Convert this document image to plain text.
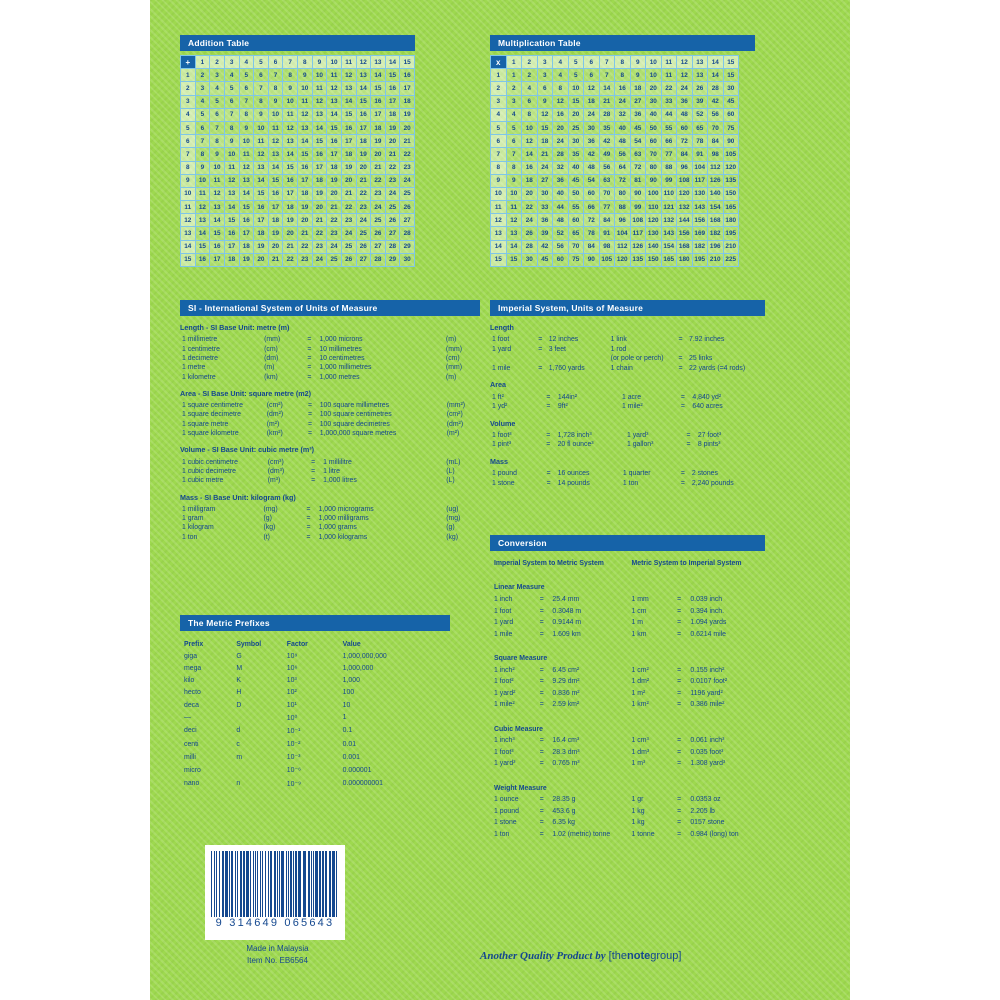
Addition Table
+	1	2	3	4	5	6	7	8	9	10	11	12	13	14	15
1	2	3	4	5	6	7	8	9	10	11	12	13	14	15	16
2	3	4	5	6	7	8	9	10	11	12	13	14	15	16	17
3	4	5	6	7	8	9	10	11	12	13	14	15	16	17	18
4	5	6	7	8	9	10	11	12	13	14	15	16	17	18	19
5	6	7	8	9	10	11	12	13	14	15	16	17	18	19	20
6	7	8	9	10	11	12	13	14	15	16	17	18	19	20	21
7	8	9	10	11	12	13	14	15	16	17	18	19	20	21	22
8	9	10	11	12	13	14	15	16	17	18	19	20	21	22	23
9	10	11	12	13	14	15	16	17	18	19	20	21	22	23	24
10	11	12	13	14	15	16	17	18	19	20	21	22	23	24	25
11	12	13	14	15	16	17	18	19	20	21	22	23	24	25	26
12	13	14	15	16	17	18	19	20	21	22	23	24	25	26	27
13	14	15	16	17	18	19	20	21	22	23	24	25	26	27	28
14	15	16	17	18	19	20	21	22	23	24	25	26	27	28	29
15	16	17	18	19	20	21	22	23	24	25	26	27	28	29	30
Multiplication Table
x	1	2	3	4	5	6	7	8	9	10	11	12	13	14	15
1	1	2	3	4	5	6	7	8	9	10	11	12	13	14	15
2	2	4	6	8	10	12	14	16	18	20	22	24	26	28	30
3	3	6	9	12	15	18	21	24	27	30	33	36	39	42	45
4	4	8	12	16	20	24	28	32	36	40	44	48	52	56	60
5	5	10	15	20	25	30	35	40	45	50	55	60	65	70	75
6	6	12	18	24	30	36	42	48	54	60	66	72	78	84	90
7	7	14	21	28	35	42	49	56	63	70	77	84	91	98	105
8	8	16	24	32	40	48	56	64	72	80	88	96	104	112	120
9	9	18	27	36	45	54	63	72	81	90	99	108	117	126	135
10	10	20	30	40	50	60	70	80	90	100	110	120	130	140	150
11	11	22	33	44	55	66	77	88	99	110	121	132	143	154	165
12	12	24	36	48	60	72	84	96	108	120	132	144	156	168	180
13	13	26	39	52	65	78	91	104	117	130	143	156	169	182	195
14	14	28	42	56	70	84	98	112	126	140	154	168	182	196	210
15	15	30	45	60	75	90	105	120	135	150	165	180	195	210	225
SI - International System of Units of Measure
Length - SI Base Unit: metre (m)
1 millimetre	(mm)	=	1,000 microns	(m)
1 centimetre	(cm)	=	10 millimetres	(mm)
1 decimetre	(dm)	=	10 centimetres	(cm)
1 metre	(m)	=	1,000 millimetres	(mm)
1 kilometre	(km)	=	1,000 metres	(m)
Area - SI Base Unit: square metre (m2)
1 square centimetre	(cm²)	=	100 square millimetres	(mm²)
1 square decimetre	(dm²)	=	100 square centimetres	(cm²)
1 square metre	(m²)	=	100 square decimetres	(dm²)
1 square kilometre	(km²)	=	1,000,000 square metres	(m²)
Volume - SI Base Unit: cubic metre (m³)
1 cubic centimetre	(cm³)	=	1 millilitre	(mL)
1 cubic decimetre	(dm³)	=	1 litre	(L)
1 cubic metre	(m³)	=	1,000 litres	(L)
Mass - SI Base Unit: kilogram (kg)
1 milligram	(mg)	=	1,000 micrograms	(ug)
1 gram	(g)	=	1,000 milligrams	(mg)
1 kilogram	(kg)	=	1,000 grams	(g)
1 ton	(t)	=	1,000 kilograms	(kg)
The Metric Prefixes
Prefix	Symbol	Factor	Value
giga	G	10⁹	1,000,000,000
mega	M	10⁶	1,000,000
kilo	K	10³	1,000
hecto	H	10²	100
deca	D	10¹	10
—		10⁰	1
deci	d	10⁻¹	0.1
centi	c	10⁻²	0.01
milli	m	10⁻³	0.001
micro		10⁻⁶	0.000001
nano	n	10⁻⁹	0.000000001
Imperial System, Units of Measure
Length
1 foot	=	12 inches	1 link	=	7.92 inches
1 yard	=	3 feet	1 rod		
			(or pole or perch)	=	25 links
1 mile	=	1,760 yards	1 chain	=	22 yards (=4 rods)
Area
1 ft²	=	144in²	1 acre	=	4,840 yd²
1 yd²	=	9ft²	1 mile²	=	640 acres
Volume
1 foot³	=	1,728 inch³	1 yard³	=	27 foot³
1 pint³	=	20 fl ounce³	1 gallon³	=	8 pints³
Mass
1 pound	=	16 ounces	1 quarter	=	2 stones
1 stone	=	14 pounds	1 ton	=	2,240 pounds
Conversion
Imperial System to Metric System			Metric System to Imperial System		

Linear Measure					
1 inch	=	25.4 mm	1 mm	=	0.039 inch
1 foot	=	0.3048 m	1 cm	=	0.394 inch.
1 yard	=	0.9144 m	1 m	=	1.094 yards
1 mile	=	1.609 km	1 km	=	0.6214 mile

Square Measure					
1 inch²	=	6.45 cm²	1 cm²	=	0.155 inch²
1 foot²	=	9.29 dm²	1 dm²	=	0.0107 foot²
1 yard²	=	0.836 m²	1 m²	=	1196 yard²
1 mile²	=	2.59 km²	1 km²	=	0.386 mile²

Cubic Measure					
1 inch³	=	16.4 cm³	1 cm³	=	0.061 inch³
1 foot³	=	28.3 dm³	1 dm³	=	0.035 foot³
1 yard³	=	0.765 m³	1 m³	=	1.308 yard³

Weight Measure					
1 ounce	=	28.35 g	1 gr	=	0.0353 oz
1 pound	=	453.6 g	1 kg	=	2.205 lb
1 stone	=	6.35 kg	1 kg	=	0157 stone
1 ton	=	1.02 (metric) tonne	1 tonne	=	0.984 (long) ton
9 314649 065643
Made in Malaysia
Item No. EB6564	Another Quality Product by [thenotegroup]
